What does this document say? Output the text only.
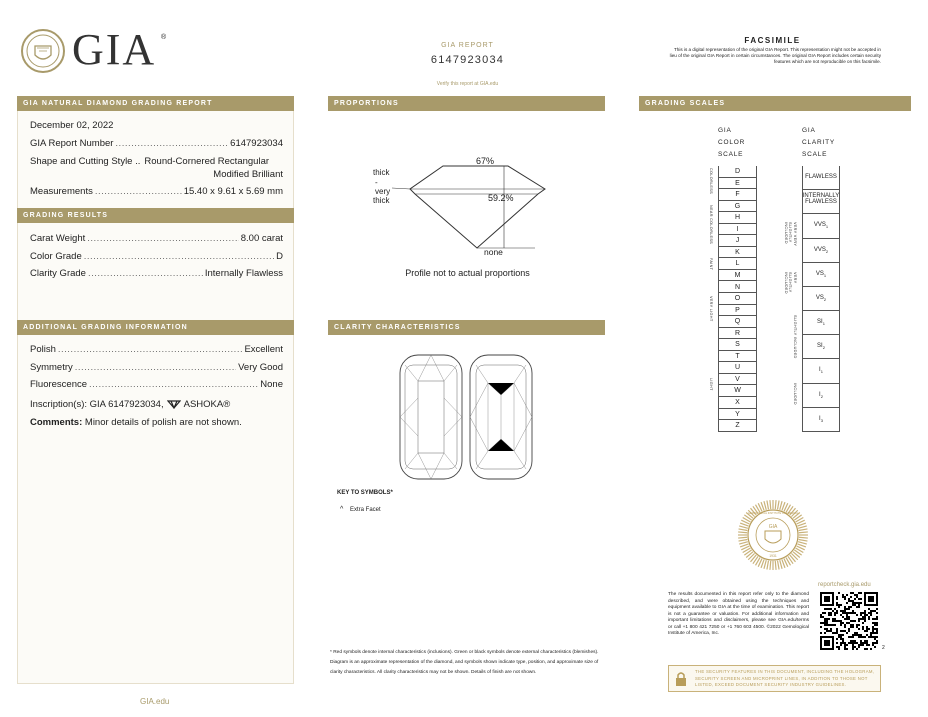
GIA ®
GIA REPORT
6147923034
Verify this report at GIA.edu
FACSIMILE
This is a digital representation of the original GIA Report. This representation might not be accepted in lieu of the original GIA Report in certain circumstances. The original GIA Report includes certain security features which are not reproducible on this facsimile.
GIA NATURAL DIAMOND GRADING REPORT
December 02, 2022
GIA Report Number .....	6147923034
Shape and Cutting Style .. Round-Cornered Rectangular
Modified Brilliant
Measurements .....	15.40 x 9.61 x 5.69 mm
GRADING RESULTS
Carat Weight .....	8.00 carat
Color Grade .....	D
Clarity Grade .....	Internally Flawless
ADDITIONAL GRADING INFORMATION
Polish .....	Excellent
Symmetry .....	Very Good
Fluorescence .....	None
Inscription(s): GIA 6147923034, ASHOKA®
Comments: Minor details of polish are not shown.
GIA.edu
PROPORTIONS
67%
59.2%
thick
-
very
thick
none
Profile not to actual proportions
CLARITY CHARACTERISTICS
KEY TO SYMBOLS*
^ Extra Facet
* Red symbols denote internal characteristics (inclusions). Green or black symbols denote external characteristics (blemishes). Diagram is an approximate representation of the diamond, and symbols shown indicate type, position, and approximate size of clarity characteristics. All clarity characteristics may not be shown. Details of finish are not shown.
GRADING SCALES
GIA
COLOR
SCALE
GIA
CLARITY
SCALE
D
E
F
G
H
I
J
K
L
M
N
O
P
Q
R
S
T
U
V
W
X
Y
Z
FLAWLESS
INTERNALLY
FLAWLESS
$VVS_1$
$VVS_2$
$VS_1$
$VS_2$
$SI_1$
$SI_2$
$I_1$
$I_2$
$I_3$
COLORLESS
NEAR COLORLESS
FAINT
VERY LIGHT
LIGHT
VERY VERY SLIGHTLY INCLUDED
VERY SLIGHTLY INCLUDED
SLIGHTLY INCLUDED
INCLUDED
GIA
GEMOLOGICAL INSTITUTE OF AMERICA
1931
The results documented in this report refer only to the diamond described, and were obtained using the techniques and equipment available to GIA at the time of examination. This report is not a guarantee or valuation. For additional information and important limitations and disclaimers, please see GIA.edu/terms or call +1 800 421 7250 or +1 760 603 4500. ©2022 Gemological Institute of America, Inc.
reportcheck.gia.edu
2
THE SECURITY FEATURES IN THIS DOCUMENT, INCLUDING THE HOLOGRAM, SECURITY SCREEN AND MICROPRINT LINES, IN ADDITION TO THOSE NOT LISTED, EXCEED DOCUMENT SECURITY INDUSTRY GUIDELINES.
